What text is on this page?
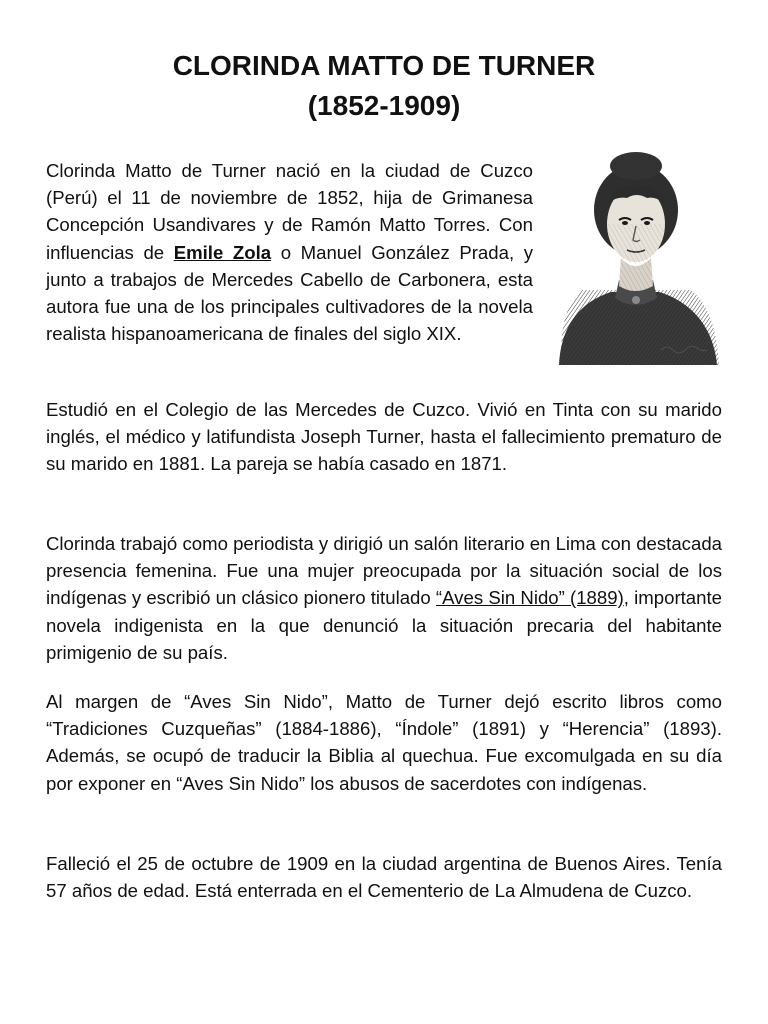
CLORINDA MATTO DE TURNER
(1852-1909)

Clorinda Matto de Turner nació en la ciudad de Cuzco (Perú) el 11 de noviembre de 1852, hija de Grimanesa Concepción Usandivares y de Ramón Matto Torres. Con influencias de Emile Zola o Manuel González Prada, y junto a trabajos de Mercedes Cabello de Carbonera, esta autora fue una de los principales cultivadores de la novela realista hispanoamericana de finales del siglo XIX.

Estudió en el Colegio de las Mercedes de Cuzco. Vivió en Tinta con su marido inglés, el médico y latifundista Joseph Turner, hasta el fallecimiento prematuro de su marido en 1881. La pareja se había casado en 1871.

Clorinda trabajó como periodista y dirigió un salón literario en Lima con destacada presencia femenina. Fue una mujer preocupada por la situación social de los indígenas y escribió un clásico pionero titulado “Aves Sin Nido” (1889), importante novela indigenista en la que denunció la situación precaria del habitante primigenio de su país.

Al margen de “Aves Sin Nido”, Matto de Turner dejó escrito libros como “Tradiciones Cuzqueñas” (1884-1886), “Índole” (1891) y “Herencia” (1893). Además, se ocupó de traducir la Biblia al quechua. Fue excomulgada en su día por exponer en “Aves Sin Nido” los abusos de sacerdotes con indígenas.

Falleció el 25 de octubre de 1909 en la ciudad argentina de Buenos Aires. Tenía 57 años de edad. Está enterrada en el Cementerio de La Almudena de Cuzco.
